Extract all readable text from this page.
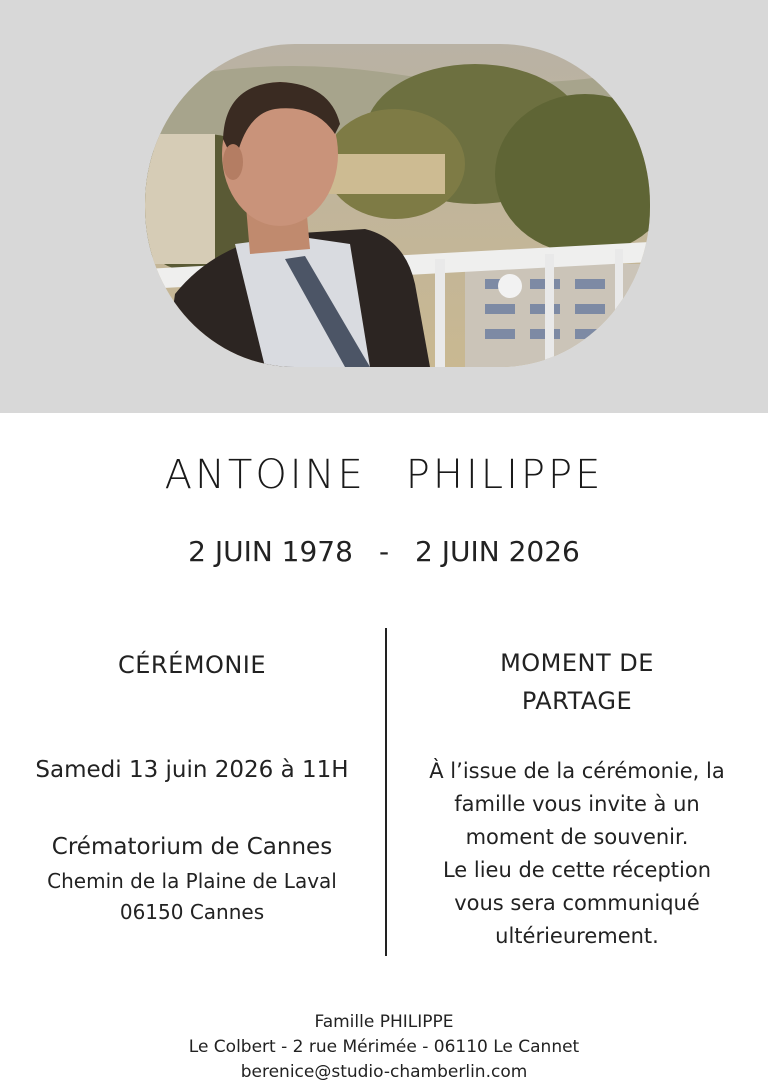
ANTOINE PHILIPPE
2 JUIN 1978 - 2 JUIN 2026
CÉRÉMONIE
Samedi 13 juin 2026 à 11H
Crématorium de Cannes
Chemin de la Plaine de Laval
06150 Cannes
MOMENT DE
PARTAGE
À l’issue de la cérémonie, la
famille vous invite à un
moment de souvenir.
Le lieu de cette réception
vous sera communiqué
ultérieurement.
Famille PHILIPPE
Le Colbert - 2 rue Mérimée - 06110 Le Cannet
berenice@studio-chamberlin.com
